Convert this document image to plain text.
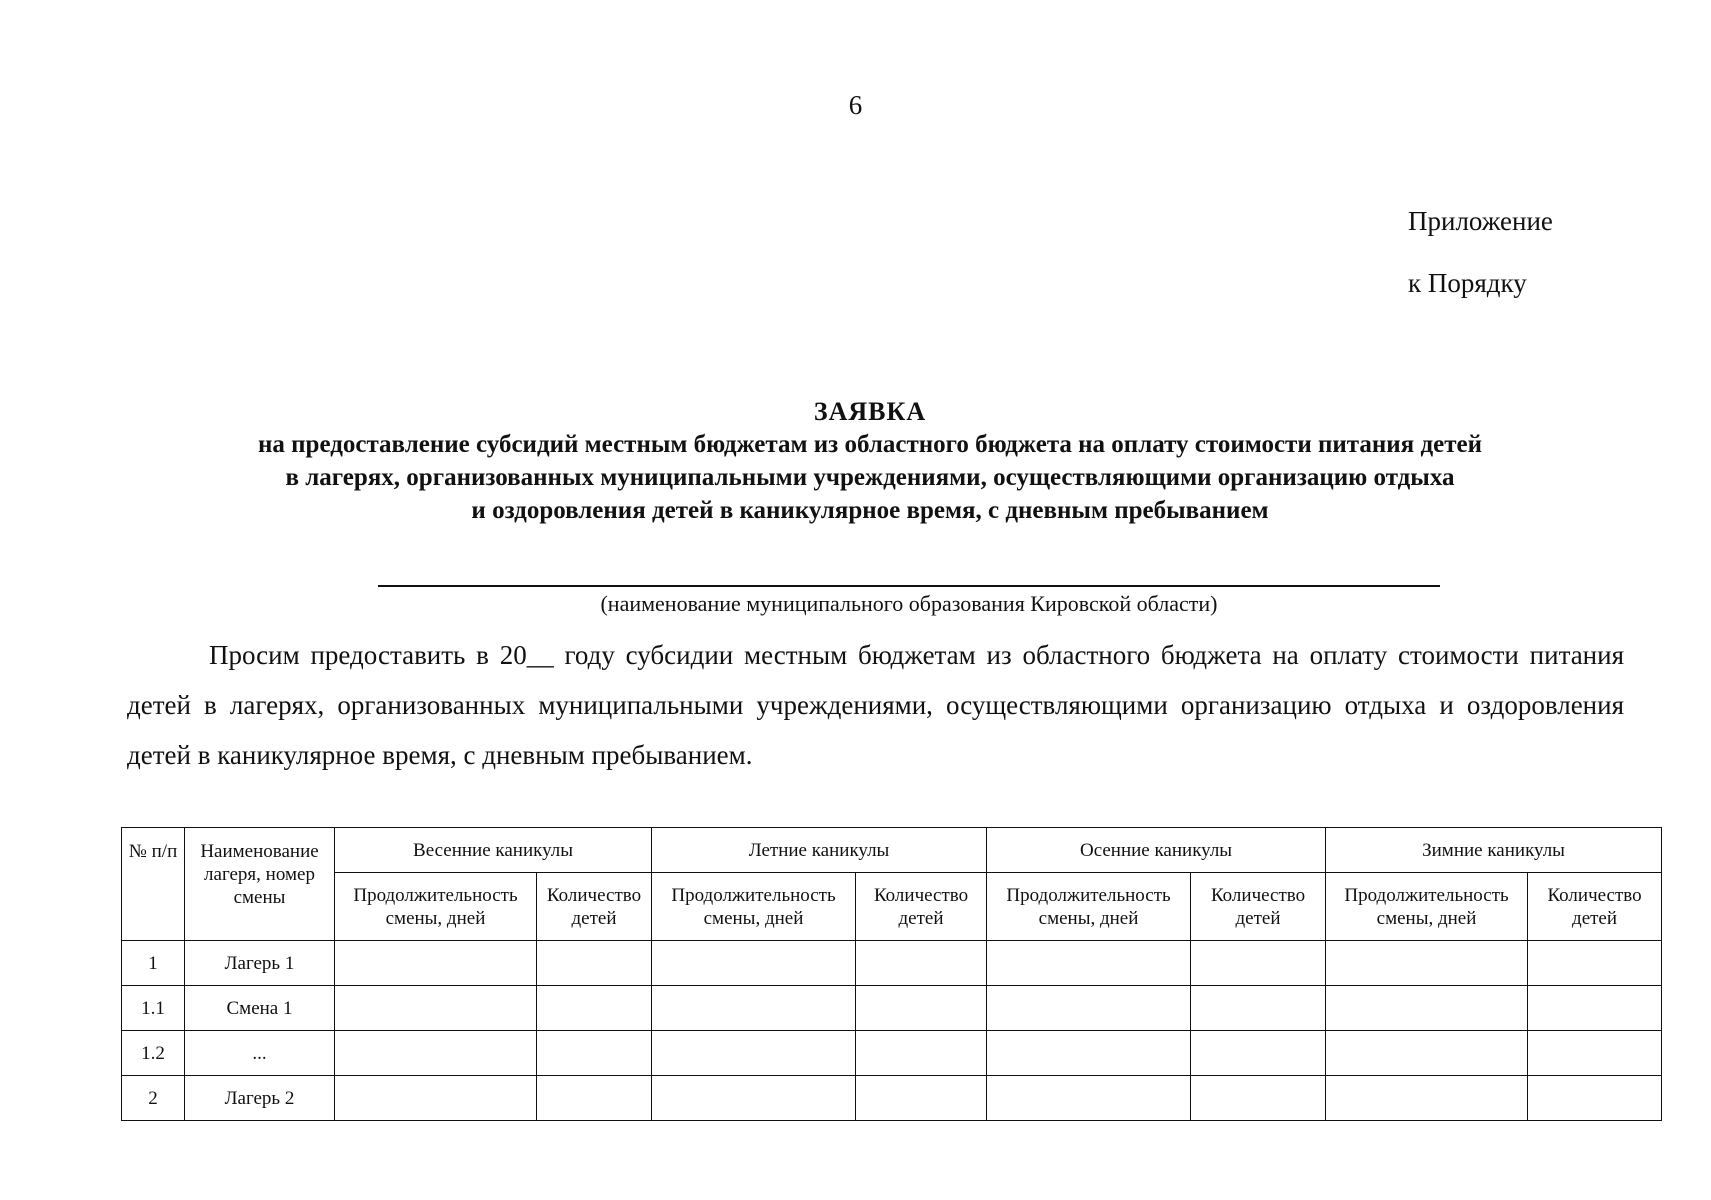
6
Приложение
к Порядку
ЗАЯВКА
на предоставление субсидий местным бюджетам из областного бюджета на оплату стоимости питания детей
в лагерях, организованных муниципальными учреждениями, осуществляющими организацию отдыха
и оздоровления детей в каникулярное время, с дневным пребыванием
(наименование муниципального образования Кировской области)
Просим предоставить в 20__ году субсидии местным бюджетам из областного бюджета на оплату стоимости питания детей в лагерях, организованных муниципальными учреждениями, осуществляющими организацию отдыха и оздоровления детей в каникулярное время, с дневным пребыванием.
№ п/п	Наименование лагеря, номер смены	Весенние каникулы		Летние каникулы		Осенние каникулы		Зимние каникулы	
		Продолжительность смены, дней	Количество детей	Продолжительность смены, дней	Количество детей	Продолжительность смены, дней	Количество детей	Продолжительность смены, дней	Количество детей
1	Лагерь 1								
1.1	Смена 1								
1.2	...								
2	Лагерь 2								
